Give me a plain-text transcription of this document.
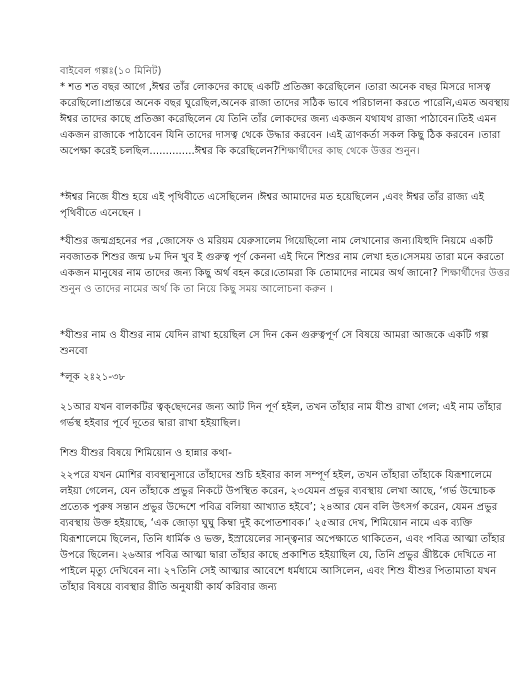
বাইবেল গল্পঃ(১০ মিনিট)

* শত শত বছর আগে ,ঈশ্বর তাঁর লোকদের কাছে একটি প্রতিজ্ঞা করেছিলেন ।তারা অনেক বছর মিসরে দাসত্ব করেছিলো।প্রান্তরে অনেক বছর ঘুরেছিল,অনেক রাজা তাদের সঠিক ভাবে পরিচালনা করতে পারেনি,এমত অবস্থায় ঈশ্বর তাদের কাছে প্রতিজ্ঞা করেছিলেন যে তিনি তাঁর লোকদের জন্য একজন যথাযথ রাজা পাঠাবেন।তিই এমন একজন রাজাকে পাঠাবেন যিনি তাদের দাসত্ব থেকে উদ্ধার করবেন ।এই ত্রাণকর্তা সকল কিছু ঠিক করবেন ।তারা অপেক্ষা করেই চলছিল..............ঈশ্বর কি করেছিলেন?শিক্ষার্থীদের কাছ থেকে উত্তর শুনুন।

*ঈশ্বর নিজে যীশু হয়ে এই পৃথিবীতে এসেছিলেন ।ঈশ্বর আমাদের মত হয়েছিলেন ,এবং ঈশ্বর তাঁর রাজ্য এই পৃথিবীতে এনেছেন ।

*যীশুর জন্মগ্রহনের পর ,জোসেফ ও মরিয়ম যেরুসালেম গিয়েছিলো নাম লেখানোর জন্য।যিহুদি নিয়মে একটি নবজাতক শিশুর জন্ম ৮ম দিন খুব ই গুরুত্ব পূর্ণ কেননা এই দিনে শিশুর নাম লেখা হত।সেসময় তারা মনে করতো একজন মানুষের নাম তাদের জন্য কিছু অর্থ বহন করে।তোমরা কি তোমাদের নামের অর্থ জানো? শিক্ষার্থীদের উত্তর শুনুন ও তাদের নামের অর্থ কি তা নিয়ে কিছু সময় আলোচনা করুন ।

*যীশুর নাম ও যীশুর নাম যেদিন রাখা হয়েছিল সে দিন কেন গুরুত্বপূর্ণ সে বিষয়ে আমরা আজকে একটি গল্প শুনবো

*লূক ২ঃ২১-৩৮

২১আর যখন বালকটির ত্বক্‌ছেদনের জন্য আট দিন পূর্ণ হইল, তখন তাঁহার নাম যীশু রাখা গেল; এই নাম তাঁহার গর্ভস্থ হইবার পূর্বে দূতের দ্বারা রাখা হইয়াছিল।

শিশু যীশুর বিষয়ে শিমিয়োন ও হান্নার কথা-

২২পরে যখন মোশির ব্যবস্থানুসারে তাঁহাদের শুচি হইবার কাল সম্পূর্ণ হইল, তখন তাঁহারা তাঁহাকে যিরূশালেমে লইয়া গেলেন, যেন তাঁহাকে প্রভুর নিকটে উপস্থিত করেন, ২৩যেমন প্রভুর ব্যবস্থায় লেখা আছে, ‘গর্ভ উন্মোচক প্রত্যেক পুরুষ সন্তান প্রভুর উদ্দেশে পবিত্র বলিয়া আখ্যাত হইবে’; ২৪আর যেন বলি উৎসর্গ করেন, যেমন প্রভুর ব্যবস্থায় উক্ত হইয়াছে, ‘এক জোড়া ঘুঘু কিম্বা দুই কপোতশাবক।’ ২৫আর দেখ, শিমিয়োন নামে এক ব্যক্তি যিরূশালেমে ছিলেন, তিনি ধার্মিক ও ভক্ত, ইস্রায়েলের সান্ত্বনার অপেক্ষাতে থাকিতেন, এবং পবিত্র আত্মা তাঁহার উপরে ছিলেন। ২৬আর পবিত্র আত্মা দ্বারা তাঁহার কাছে প্রকাশিত হইয়াছিল যে, তিনি প্রভুর খ্রীষ্টকে দেখিতে না পাইলে মৃত্যু দেখিবেন না। ২৭তিনি সেই আত্মার আবেশে ধর্মধামে আসিলেন, এবং শিশু যীশুর পিতামাতা যখন তাঁহার বিষয়ে ব্যবস্থার রীতি অনুযায়ী কার্য করিবার জন্য
